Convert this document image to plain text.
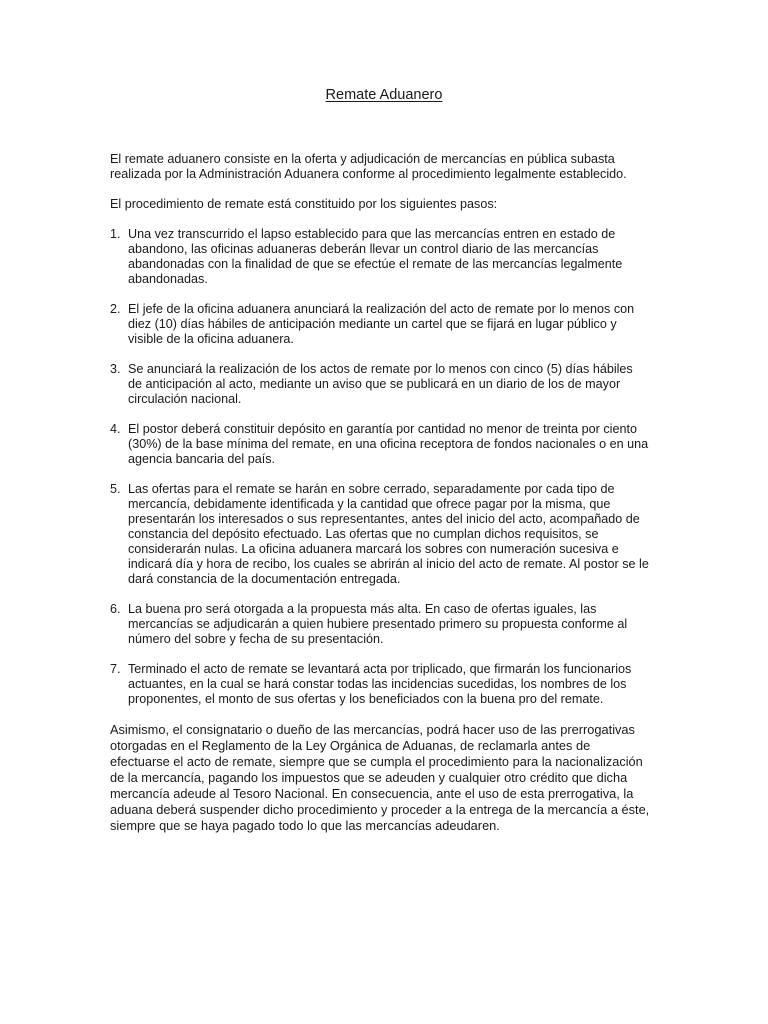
Remate Aduanero

El remate aduanero consiste en la oferta y adjudicación de mercancías en pública subasta realizada por la Administración Aduanera conforme al procedimiento legalmente establecido.

El procedimiento de remate está constituido por los siguientes pasos:

1. Una vez transcurrido el lapso establecido para que las mercancías entren en estado de abandono, las oficinas aduaneras deberán llevar un control diario de las mercancías abandonadas con la finalidad de que se efectúe el remate de las mercancías legalmente abandonadas.
2. El jefe de la oficina aduanera anunciará la realización del acto de remate por lo menos con diez (10) días hábiles de anticipación mediante un cartel que se fijará en lugar público y visible de la oficina aduanera.
3. Se anunciará la realización de los actos de remate por lo menos con cinco (5) días hábiles de anticipación al acto, mediante un aviso que se publicará en un diario de los de mayor circulación nacional.
4. El postor deberá constituir depósito en garantía por cantidad no menor de treinta por ciento (30%) de la base mínima del remate, en una oficina receptora de fondos nacionales o en una agencia bancaria del país.
5. Las ofertas para el remate se harán en sobre cerrado, separadamente por cada tipo de mercancía, debidamente identificada y la cantidad que ofrece pagar por la misma, que presentarán los interesados o sus representantes, antes del inicio del acto, acompañado de constancia del depósito efectuado. Las ofertas que no cumplan dichos requisitos, se considerarán nulas. La oficina aduanera marcará los sobres con numeración sucesiva e indicará día y hora de recibo, los cuales se abrirán al inicio del acto de remate. Al postor se le dará constancia de la documentación entregada.
6. La buena pro será otorgada a la propuesta más alta. En caso de ofertas iguales, las mercancías se adjudicarán a quien hubiere presentado primero su propuesta conforme al número del sobre y fecha de su presentación.
7. Terminado el acto de remate se levantará acta por triplicado, que firmarán los funcionarios actuantes, en la cual se hará constar todas las incidencias sucedidas, los nombres de los proponentes, el monto de sus ofertas y los beneficiados con la buena pro del remate.

Asimismo, el consignatario o dueño de las mercancías, podrá hacer uso de las prerrogativas otorgadas en el Reglamento de la Ley Orgánica de Aduanas, de reclamarla antes de efectuarse el acto de remate, siempre que se cumpla el procedimiento para la nacionalización de la mercancía, pagando los impuestos que se adeuden y cualquier otro crédito que dicha mercancía adeude al Tesoro Nacional. En consecuencia, ante el uso de esta prerrogativa, la aduana deberá suspender dicho procedimiento y proceder a la entrega de la mercancía a éste, siempre que se haya pagado todo lo que las mercancías adeudaren.
